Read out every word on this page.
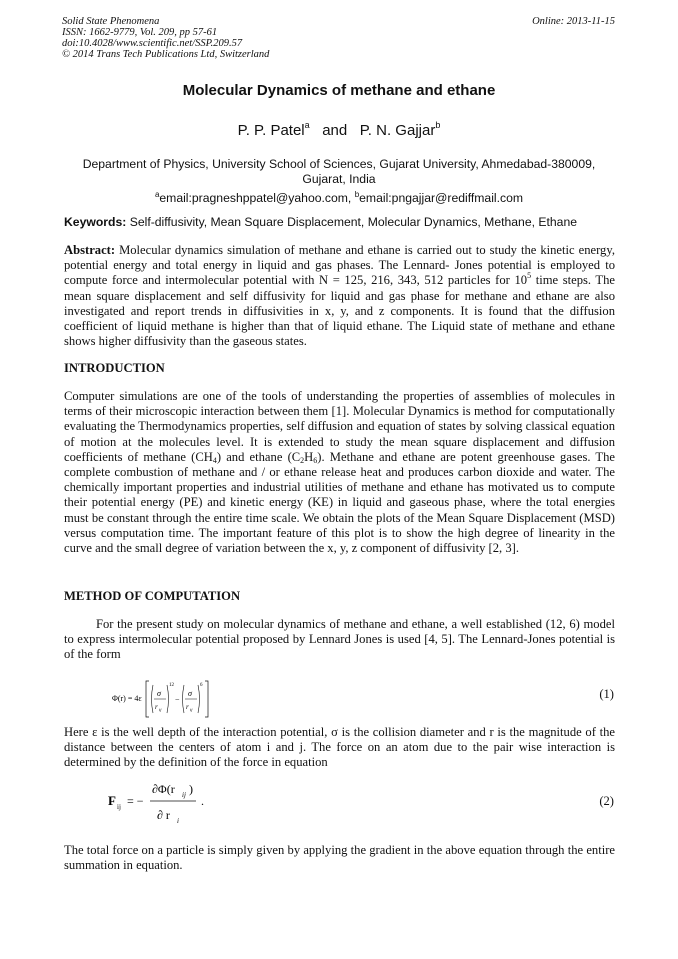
Solid State Phenomena
ISSN: 1662-9779, Vol. 209, pp 57-61
doi:10.4028/www.scientific.net/SSP.209.57
© 2014 Trans Tech Publications Ltd, Switzerland
Online: 2013-11-15
Molecular Dynamics of methane and ethane
P. P. Patel$^a$ and P. N. Gajjar$^b$
Department of Physics, University School of Sciences, Gujarat University, Ahmedabad-380009,
Gujarat, India
$^a$email:pragneshppatel@yahoo.com, $^b$email:pngajjar@rediffmail.com
Keywords: Self-diffusivity, Mean Square Displacement, Molecular Dynamics, Methane, Ethane
Abstract: Molecular dynamics simulation of methane and ethane is carried out to study the kinetic energy, potential energy and total energy in liquid and gas phases. The Lennard- Jones potential is employed to compute force and intermolecular potential with N = 125, 216, 343, 512 particles for $10^5$ time steps. The mean square displacement and self diffusivity for liquid and gas phase for methane and ethane are also investigated and report trends in diffusivities in x, y, and z components. It is found that the diffusion coefficient of liquid methane is higher than that of liquid ethane. The Liquid state of methane and ethane shows higher diffusivity than the gaseous states.
INTRODUCTION
Computer simulations are one of the tools of understanding the properties of assemblies of molecules in terms of their microscopic interaction between them [1]. Molecular Dynamics is method for computationally evaluating the Thermodynamics properties, self diffusion and equation of states by solving classical equation of motion at the molecules level. It is extended to study the mean square displacement and diffusion coefficients of methane $(CH_4)$ and ethane $(C_2H_6)$. Methane and ethane are potent greenhouse gases. The complete combustion of methane and / or ethane release heat and produces carbon dioxide and water. The chemically important properties and industrial utilities of methane and ethane has motivated us to compute their potential energy (PE) and kinetic energy (KE) in liquid and gaseous phase, where the total energies must be constant through the entire time scale. We obtain the plots of the Mean Square Displacement (MSD) versus computation time. The important feature of this plot is to show the high degree of linearity in the curve and the small degree of variation between the x, y, z component of diffusivity [2, 3].
METHOD OF COMPUTATION
For the present study on molecular dynamics of methane and ethane, a well established (12, 6) model to express intermolecular potential proposed by Lennard Jones is used [4, 5]. The Lennard-Jones potential is of the form
Φ(r) = 4ε
σ
r ij
12
−
σ
r ij
6
(1)
Here ε is the well depth of the interaction potential, σ is the collision diameter and r is the magnitude of the distance between the centers of atom i and j. The force on an atom due to the pair wise interaction is determined by the definition of the force in equation
F ij = −
∂Φ(r ij )
∂ r i
.	(2)
The total force on a particle is simply given by applying the gradient in the above equation through the entire summation in equation.
